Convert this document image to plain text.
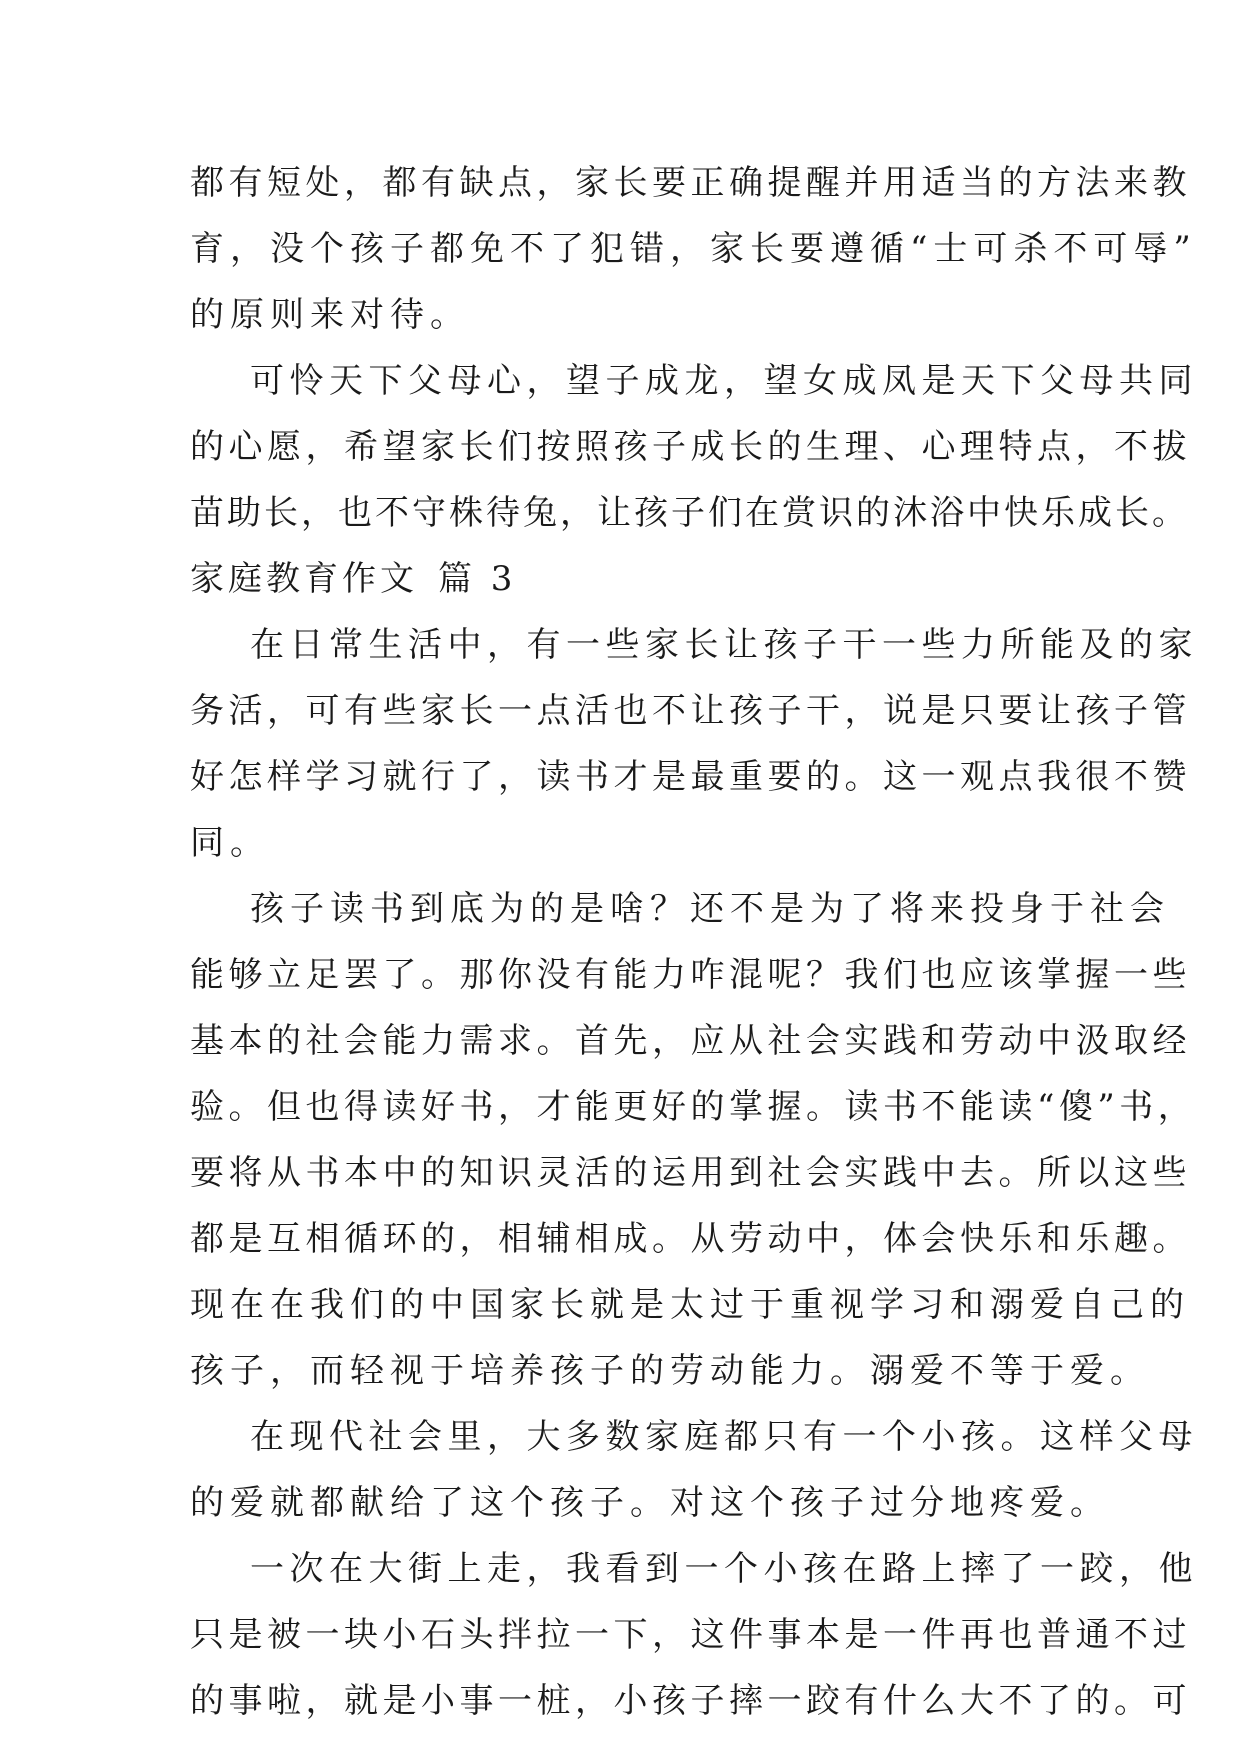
都有短处，都有缺点，家长要正确提醒并用适当的方法来教
育，没个孩子都免不了犯错，家长要遵循“士可杀不可辱”
的原则来对待。
可怜天下父母心，望子成龙，望女成凤是天下父母共同
的心愿，希望家长们按照孩子成长的生理、心理特点，不拔
苗助长，也不守株待兔，让孩子们在赏识的沐浴中快乐成长。
家庭教育作文 篇 3
在日常生活中，有一些家长让孩子干一些力所能及的家
务活，可有些家长一点活也不让孩子干，说是只要让孩子管
好怎样学习就行了，读书才是最重要的。这一观点我很不赞
同。
孩子读书到底为的是啥？还不是为了将来投身于社会
能够立足罢了。那你没有能力咋混呢？我们也应该掌握一些
基本的社会能力需求。首先，应从社会实践和劳动中汲取经
验。但也得读好书，才能更好的掌握。读书不能读“傻”书，
要将从书本中的知识灵活的运用到社会实践中去。所以这些
都是互相循环的，相辅相成。从劳动中，体会快乐和乐趣。
现在在我们的中国家长就是太过于重视学习和溺爱自己的
孩子，而轻视于培养孩子的劳动能力。溺爱不等于爱。
在现代社会里，大多数家庭都只有一个小孩。这样父母
的爱就都献给了这个孩子。对这个孩子过分地疼爱。
一次在大街上走，我看到一个小孩在路上摔了一跤，他
只是被一块小石头拌拉一下，这件事本是一件再也普通不过
的事啦，就是小事一桩，小孩子摔一跤有什么大不了的。可
